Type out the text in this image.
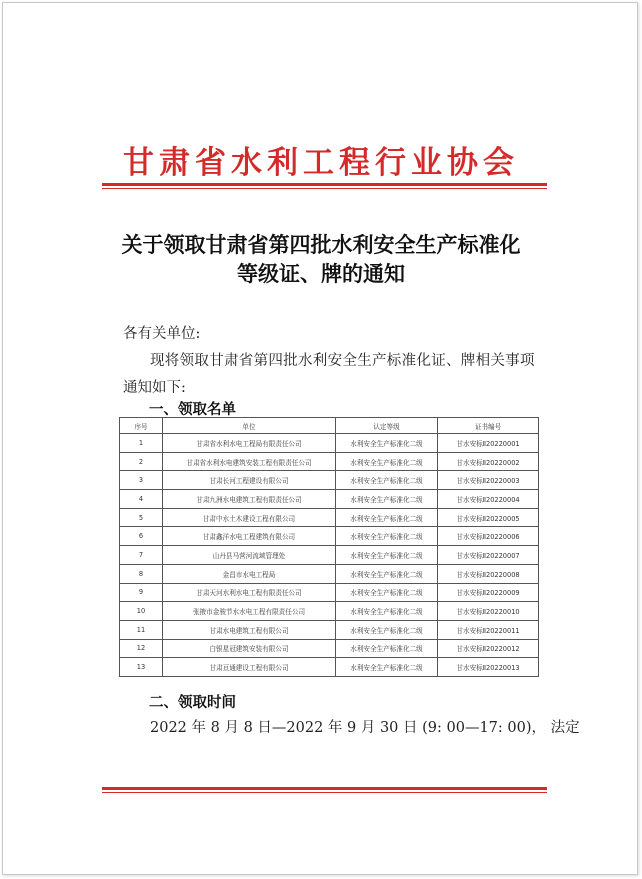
甘肃省水利工程行业协会
关于领取甘肃省第四批水利安全生产标准化
等级证、牌的通知
各有关单位:
现将领取甘肃省第四批水利安全生产标准化证、牌相关事项
通知如下:
一、领取名单
序号	单位	认定等级	证书编号
1	甘肃省水利水电工程局有限责任公司	水利安全生产标准化二级	甘水安标Ⅱ20220001
2	甘肃省水利水电建筑安装工程有限责任公司	水利安全生产标准化二级	甘水安标Ⅱ20220002
3	甘肃长河工程建设有限公司	水利安全生产标准化二级	甘水安标Ⅱ20220003
4	甘肃九洲水电建筑工程有限责任公司	水利安全生产标准化二级	甘水安标Ⅱ20220004
5	甘肃中水土木建设工程有限公司	水利安全生产标准化二级	甘水安标Ⅱ20220005
6	甘肃鑫洋水电工程建筑有限公司	水利安全生产标准化二级	甘水安标Ⅱ20220006
7	山丹县马营河流域管理处	水利安全生产标准化二级	甘水安标Ⅱ20220007
8	金昌市水电工程局	水利安全生产标准化二级	甘水安标Ⅱ20220008
9	甘肃天河水利水电工程有限责任公司	水利安全生产标准化二级	甘水安标Ⅱ20220009
10	张掖市金骏节水水电工程有限责任公司	水利安全生产标准化二级	甘水安标Ⅱ20220010
11	甘肃水电建筑工程有限公司	水利安全生产标准化二级	甘水安标Ⅱ20220011
12	白银星冠建筑安装有限公司	水利安全生产标准化二级	甘水安标Ⅱ20220012
13	甘肃亘通建设工程有限公司	水利安全生产标准化二级	甘水安标Ⅱ20220013
二、领取时间
2022 年 8 月 8 日—2022 年 9 月 30 日 (9: 00—17: 00)， 法定
